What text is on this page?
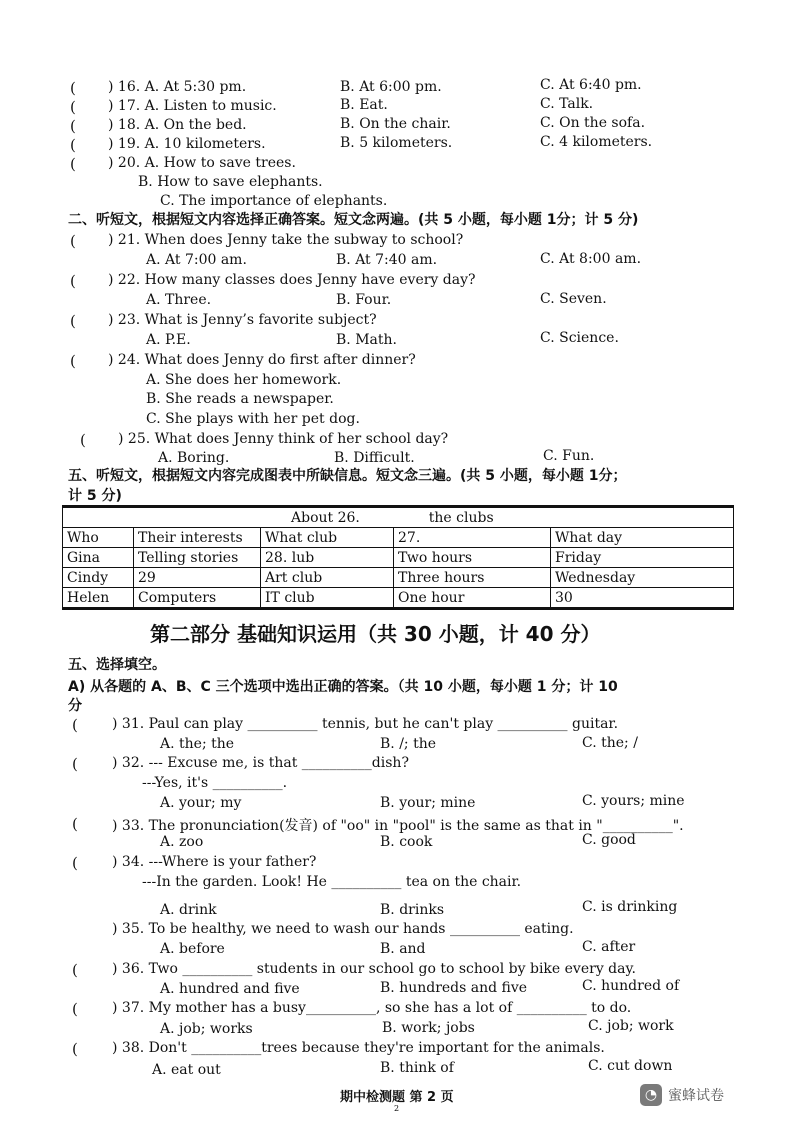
( ) 16. A. At 5:30 pm.	B. At 6:00 pm.	C. At 6:40 pm.
( ) 17. A. Listen to music.	B. Eat.	C. Talk.
( ) 18. A. On the bed.	B. On the chair.	C. On the sofa.
( ) 19. A. 10 kilometers.	B. 5 kilometers.	C. 4 kilometers.
( ) 20. A. How to save trees.
B. How to save elephants.
C. The importance of elephants.
二、听短文，根据短文内容选择正确答案。短文念两遍。(共 5 小题，每小题 1分；计 5 分)
( ) 21. When does Jenny take the subway to school?
A. At 7:00 am.	B. At 7:40 am.	C. At 8:00 am.
( ) 22. How many classes does Jenny have every day?
A. Three.	B. Four.	C. Seven.
( ) 23. What is Jenny’s favorite subject?
A. P.E.	B. Math.	C. Science.
( ) 24. What does Jenny do first after dinner?
A. She does her homework.
B. She reads a newspaper.
C. She plays with her pet dog.
( ) 25. What does Jenny think of her school day?
A. Boring.	B. Difficult.	C. Fun.
五、听短文，根据短文内容完成图表中所缺信息。短文念三遍。(共 5 小题，每小题 1分；
计 5 分)
About 26. the clubs				
Who	Their interests	What club	27.	What day
Gina	Telling stories	28. lub	Two hours	Friday
Cindy	29	Art club	Three hours	Wednesday
Helen	Computers	IT club	One hour	30
第二部分 基础知识运用（共 30 小题，计 40 分）
五、选择填空。
A) 从各题的 A、B、C 三个选项中选出正确的答案。（共 10 小题，每小题 1 分；计 10
分
( ) 31. Paul can play __________ tennis, but he can't play __________ guitar.
A. the; the	B. /; the	C. the; /
( ) 32. --- Excuse me, is that __________dish?
---Yes, it's __________.
A. your; my	B. your; mine	C. yours; mine
( ) 33. The pronunciation(发音) of "oo" in "pool" is the same as that in "__________".
A. zoo	B. cook	C. good
( ) 34. ---Where is your father?
---In the garden. Look! He __________ tea on the chair.
A. drink	B. drinks	C. is drinking
) 35. To be healthy, we need to wash our hands __________ eating.
A. before	B. and	C. after
( ) 36. Two __________ students in our school go to school by bike every day.
A. hundred and five	B. hundreds and five	C. hundred of
( ) 37. My mother has a busy__________, so she has a lot of __________ to do.
A. job; works	B. work; jobs	C. job; work
( ) 38. Don't __________trees because they're important for the animals.
A. eat out	B. think of	C. cut down
期中检测题 第 2 页
2
◔ 蜜蜂试卷
